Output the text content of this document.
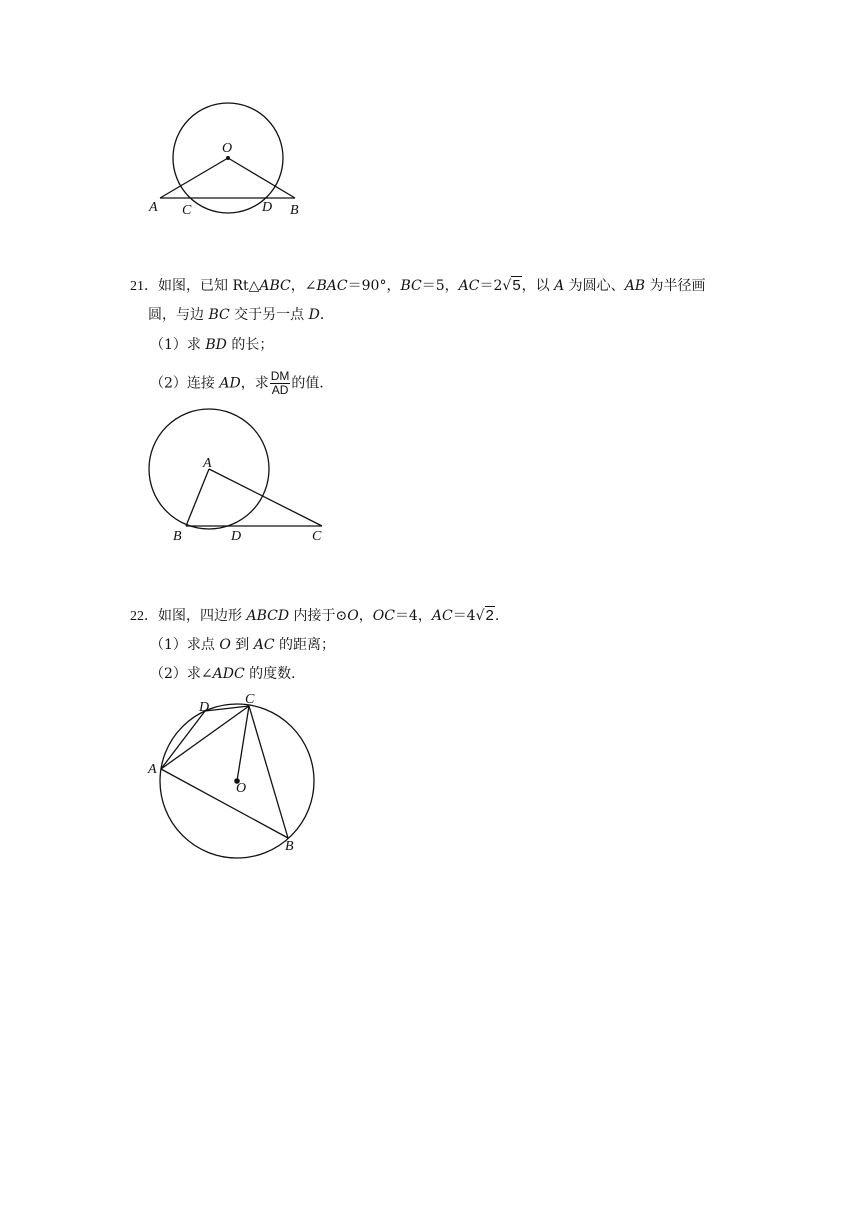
O
A C	D B
21．如图，已知 Rt△ABC，∠BAC＝90°，BC＝5，AC＝2√5，以 A 为圆心、AB 为半径画
圆，与边 BC 交于另一点 D．
（1）求 BD 的长；
（2）连接 AD，求 $\frac{DM}{AD}$ 的值．
A
B	D	C
22．如图，四边形 ABCD 内接于⊙O，OC＝4，AC＝4√2.
（1）求点 O 到 AC 的距离；
（2）求∠ADC 的度数．
D
C
A
O
B
